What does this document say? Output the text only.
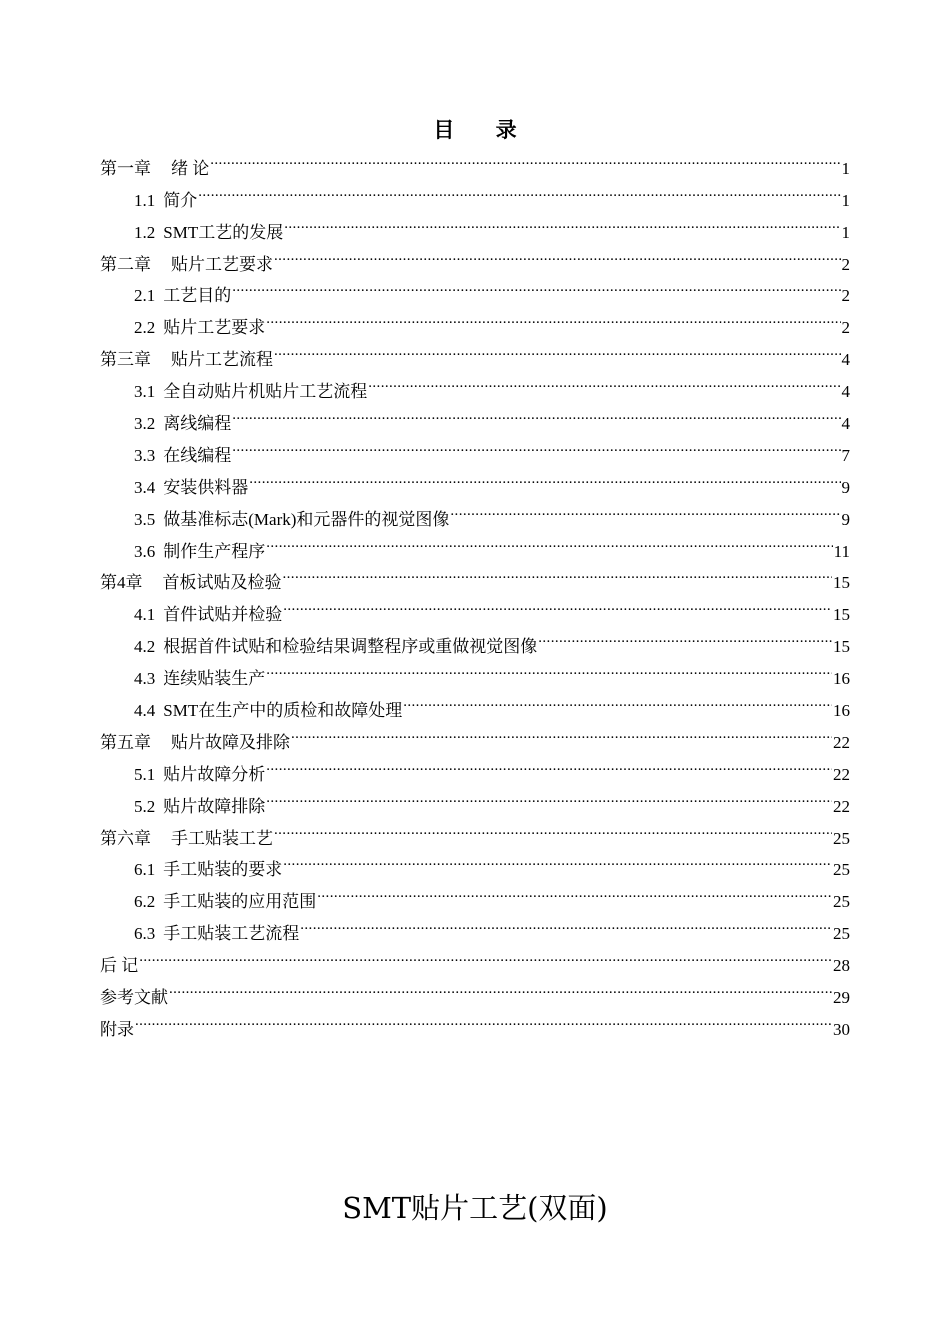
目 录
第一章 绪 论 .....	1
1.1 简介 .....	1
1.2 SMT工艺的发展 .....	1
第二章 贴片工艺要求 .....	2
2.1 工艺目的 .....	2
2.2 贴片工艺要求 .....	2
第三章 贴片工艺流程 .....	4
3.1 全自动贴片机贴片工艺流程 .....	4
3.2 离线编程 .....	4
3.3 在线编程 .....	7
3.4 安装供料器 .....	9
3.5 做基准标志(Mark)和元器件的视觉图像 .....	9
3.6 制作生产程序 .....	11
第4章 首板试贴及检验 .....	15
4.1 首件试贴并检验 .....	15
4.2 根据首件试贴和检验结果调整程序或重做视觉图像 .....	15
4.3 连续贴装生产 .....	16
4.4 SMT在生产中的质检和故障处理 .....	16
第五章 贴片故障及排除 .....	22
5.1 贴片故障分析 .....	22
5.2 贴片故障排除 .....	22
第六章 手工贴装工艺 .....	25
6.1 手工贴装的要求 .....	25
6.2 手工贴装的应用范围 .....	25
6.3 手工贴装工艺流程 .....	25
后 记 .....	28
参考文献 .....	29
附录 .....	30
SMT贴片工艺(双面)
